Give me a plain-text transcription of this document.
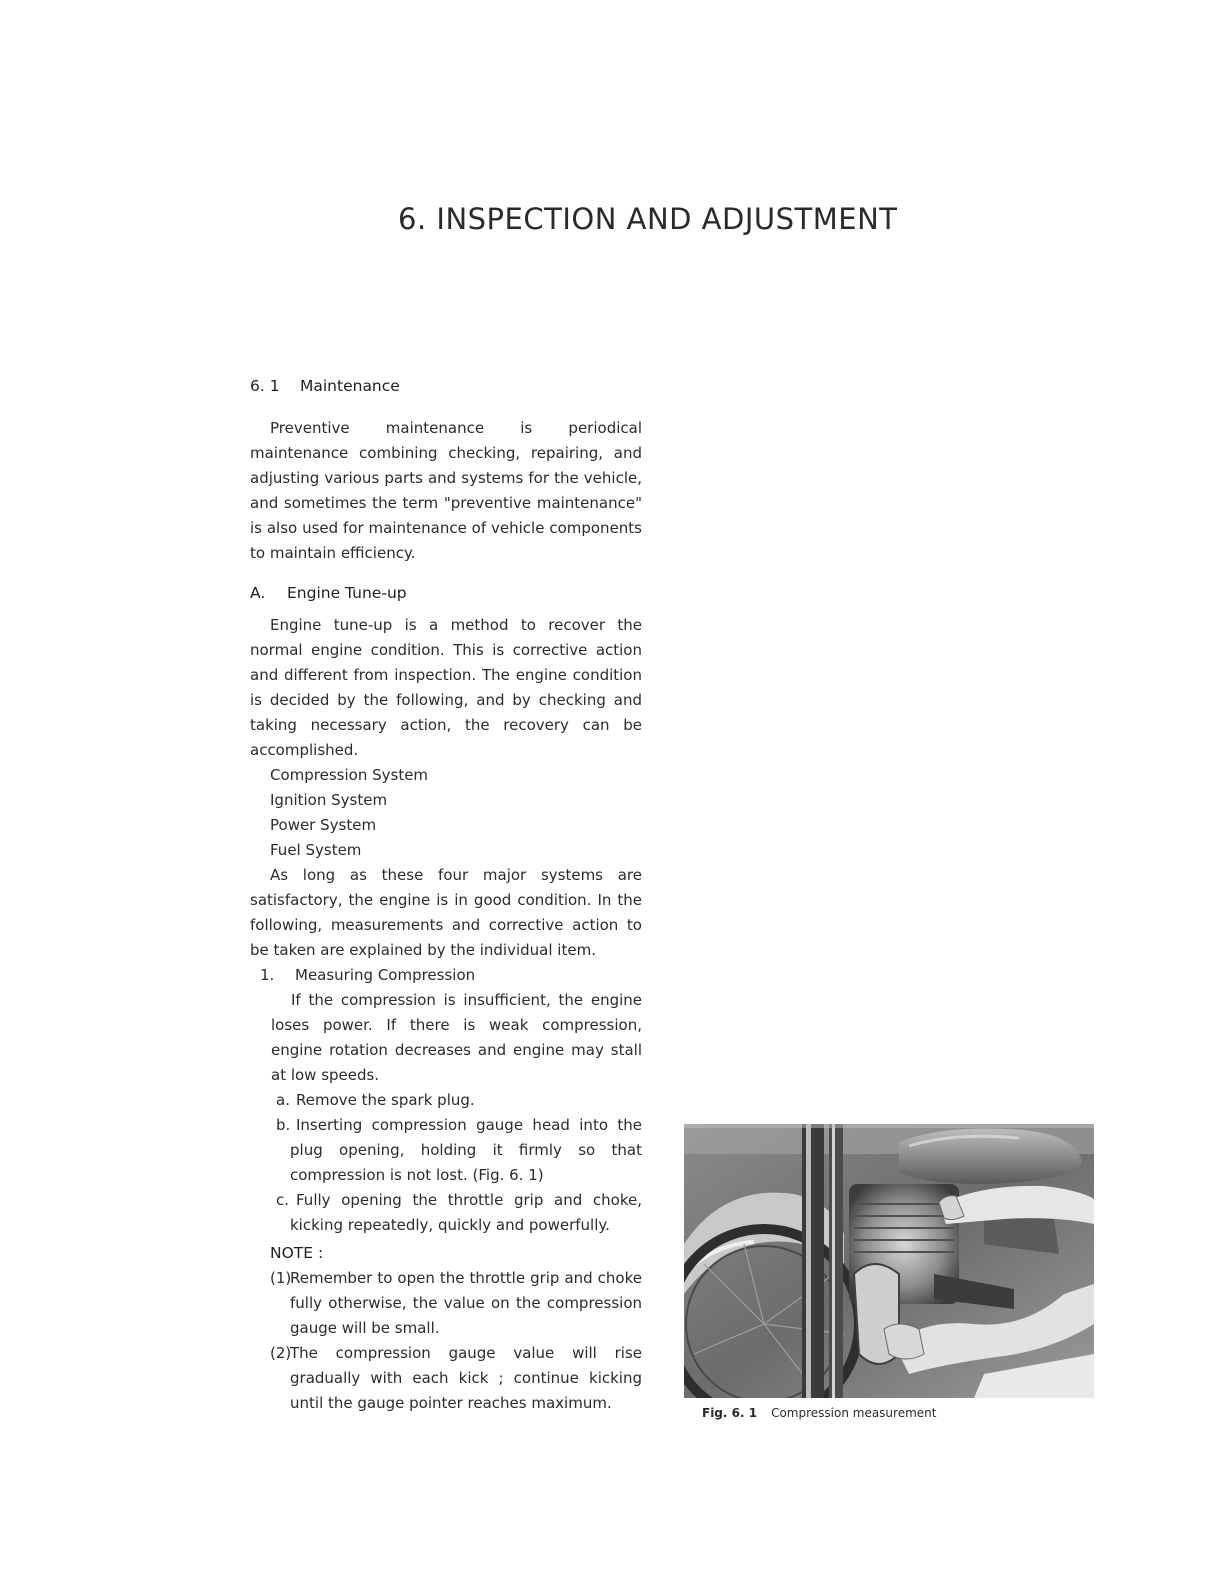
6. INSPECTION AND ADJUSTMENT
6. 1 Maintenance

Preventive maintenance is periodical maintenance combining checking, repairing, and adjusting various parts and systems for the vehicle, and sometimes the term "preventive maintenance" is also used for maintenance of vehicle components to maintain efficiency.

A. Engine Tune-up

Engine tune-up is a method to recover the normal engine condition. This is corrective action and different from inspection. The engine condition is decided by the following, and by checking and taking necessary action, the recovery can be accomplished.

Compression System

Ignition System

Power System

Fuel System

As long as these four major systems are satisfactory, the engine is in good condition. In the following, measurements and corrective action to be taken are explained by the individual item.

1. Measuring Compression

If the compression is insufficient, the engine loses power. If there is weak compression, engine rotation decreases and engine may stall at low speeds.

a. Remove the spark plug.

b. Inserting compression gauge head into the plug opening, holding it firmly so that compression is not lost. (Fig. 6. 1)

c. Fully opening the throttle grip and choke, kicking repeatedly, quickly and powerfully.

NOTE :

(1)Remember to open the throttle grip and choke fully otherwise, the value on the compression gauge will be small.

(2)The compression gauge value will rise gradually with each kick ; continue kicking until the gauge pointer reaches maximum.

Fig. 6. 1 Compression measurement
